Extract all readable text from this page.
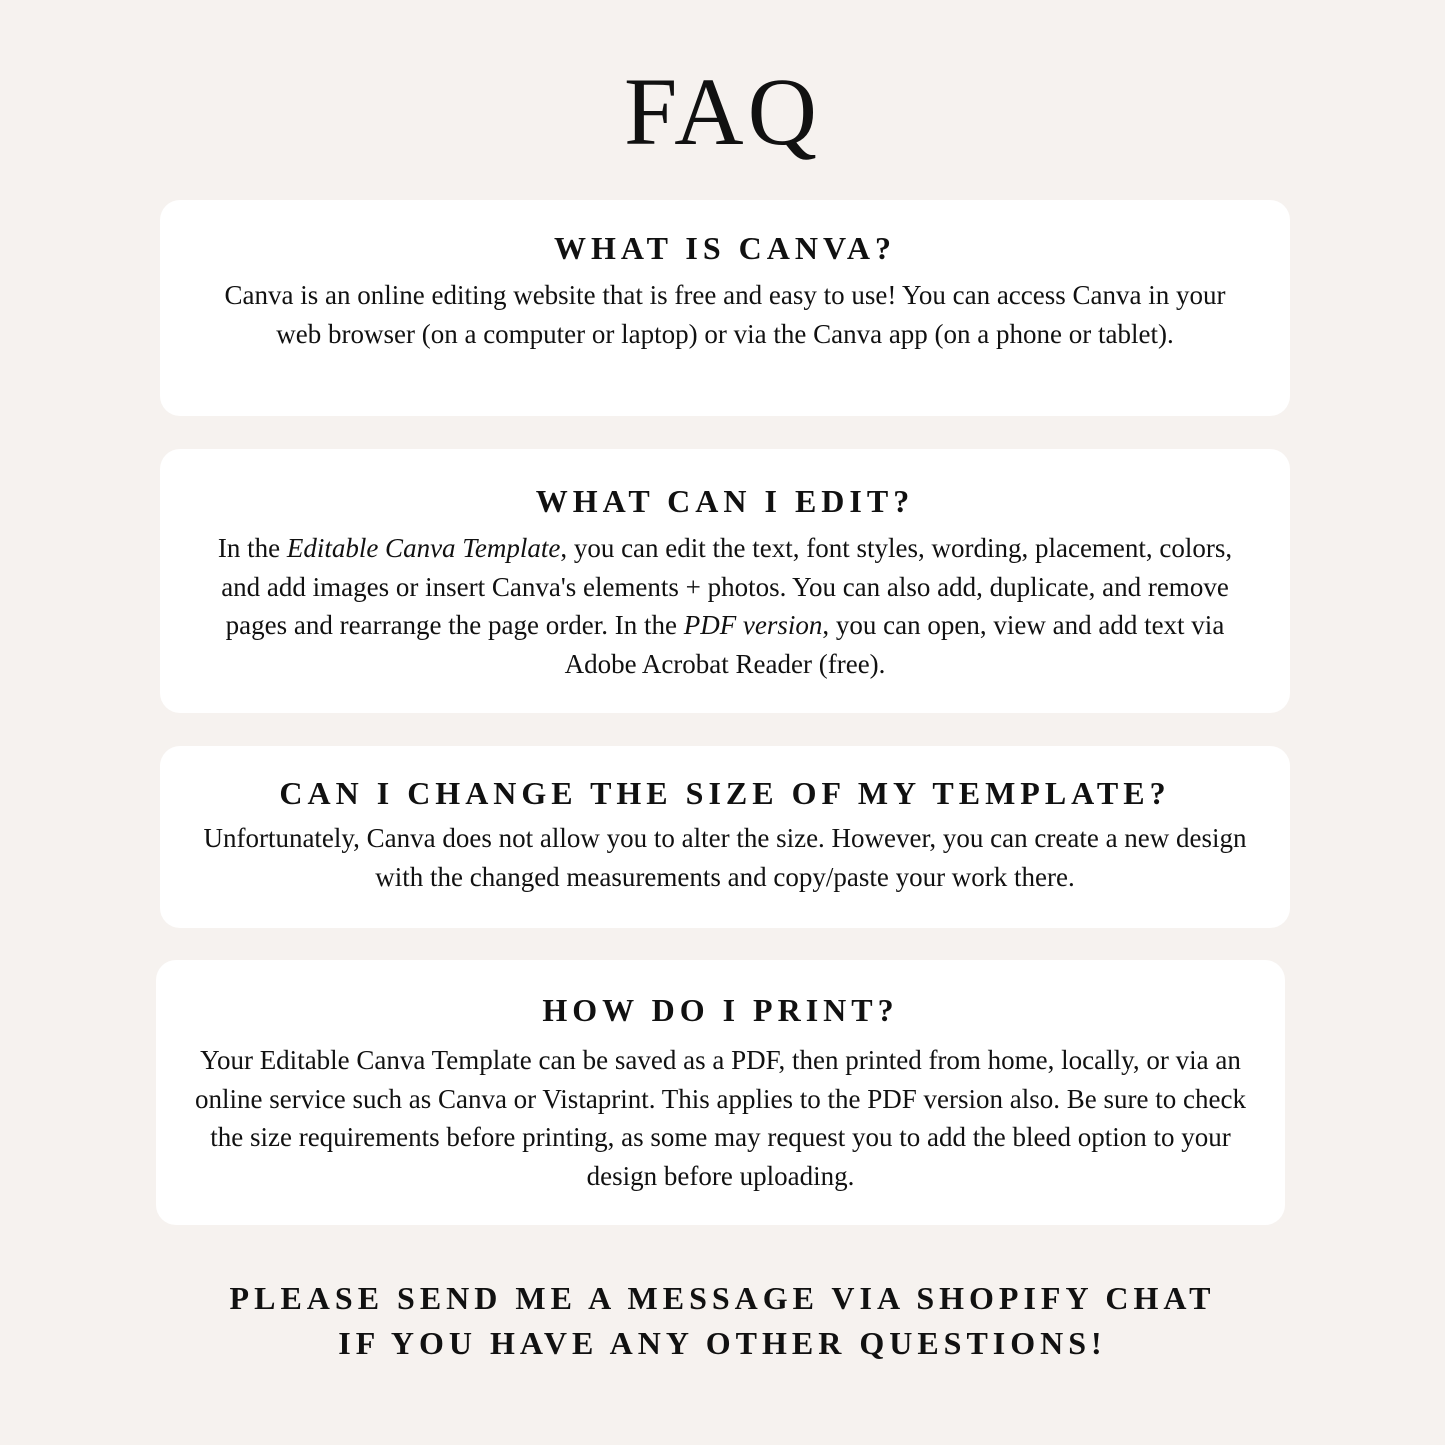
FAQ
WHAT IS CANVA?

Canva is an online editing website that is free and easy to use! You can access Canva in your web browser (on a computer or laptop) or via the Canva app (on a phone or tablet).

WHAT CAN I EDIT?

In the Editable Canva Template, you can edit the text, font styles, wording, placement, colors, and add images or insert Canva's elements + photos. You can also add, duplicate, and remove pages and rearrange the page order. In the PDF version, you can open, view and add text via Adobe Acrobat Reader (free).

CAN I CHANGE THE SIZE OF MY TEMPLATE?

Unfortunately, Canva does not allow you to alter the size. However, you can create a new design with the changed measurements and copy/paste your work there.

HOW DO I PRINT?

Your Editable Canva Template can be saved as a PDF, then printed from home, locally, or via an online service such as Canva or Vistaprint. This applies to the PDF version also. Be sure to check the size requirements before printing, as some may request you to add the bleed option to your design before uploading.

PLEASE SEND ME A MESSAGE VIA SHOPIFY CHAT
IF YOU HAVE ANY OTHER QUESTIONS!
